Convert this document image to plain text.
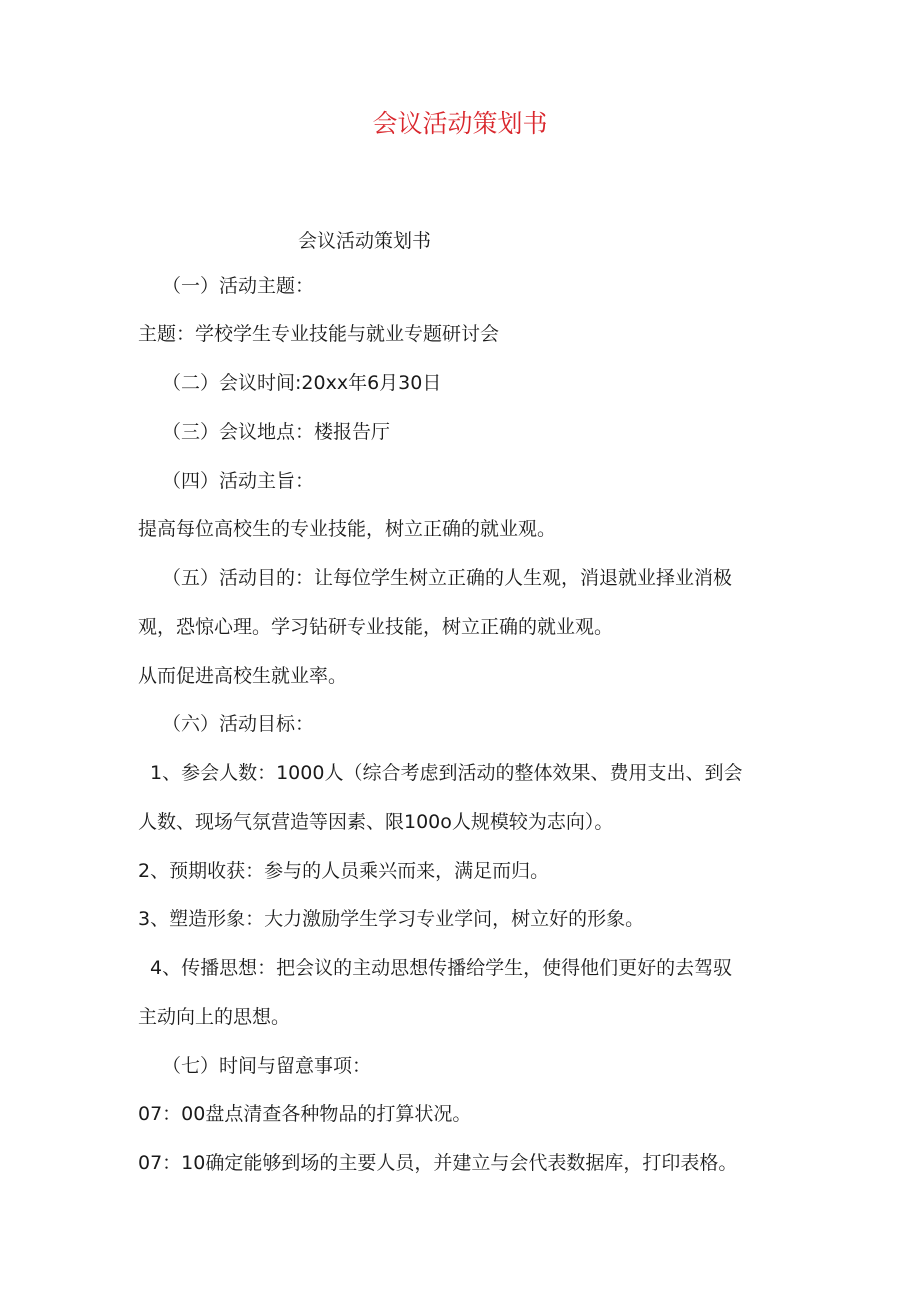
会议活动策划书
会议活动策划书

（一）活动主题：

主题：学校学生专业技能与就业专题研讨会

（二）会议时间:20xx年6月30日

（三）会议地点：楼报告厅

（四）活动主旨：

提高每位高校生的专业技能，树立正确的就业观。

（五）活动目的：让每位学生树立正确的人生观，消退就业择业消极

观，恐惊心理。学习钻研专业技能，树立正确的就业观。

从而促进高校生就业率。

（六）活动目标：

1、参会人数：1000人（综合考虑到活动的整体效果、费用支出、到会

人数、现场气氛营造等因素、限100o人规模较为志向）。

2、预期收获：参与的人员乘兴而来，满足而归。

3、塑造形象：大力激励学生学习专业学问，树立好的形象。

4、传播思想：把会议的主动思想传播给学生，使得他们更好的去驾驭

主动向上的思想。

（七）时间与留意事项：

07：00盘点清查各种物品的打算状况。

07：10确定能够到场的主要人员，并建立与会代表数据库，打印表格。
